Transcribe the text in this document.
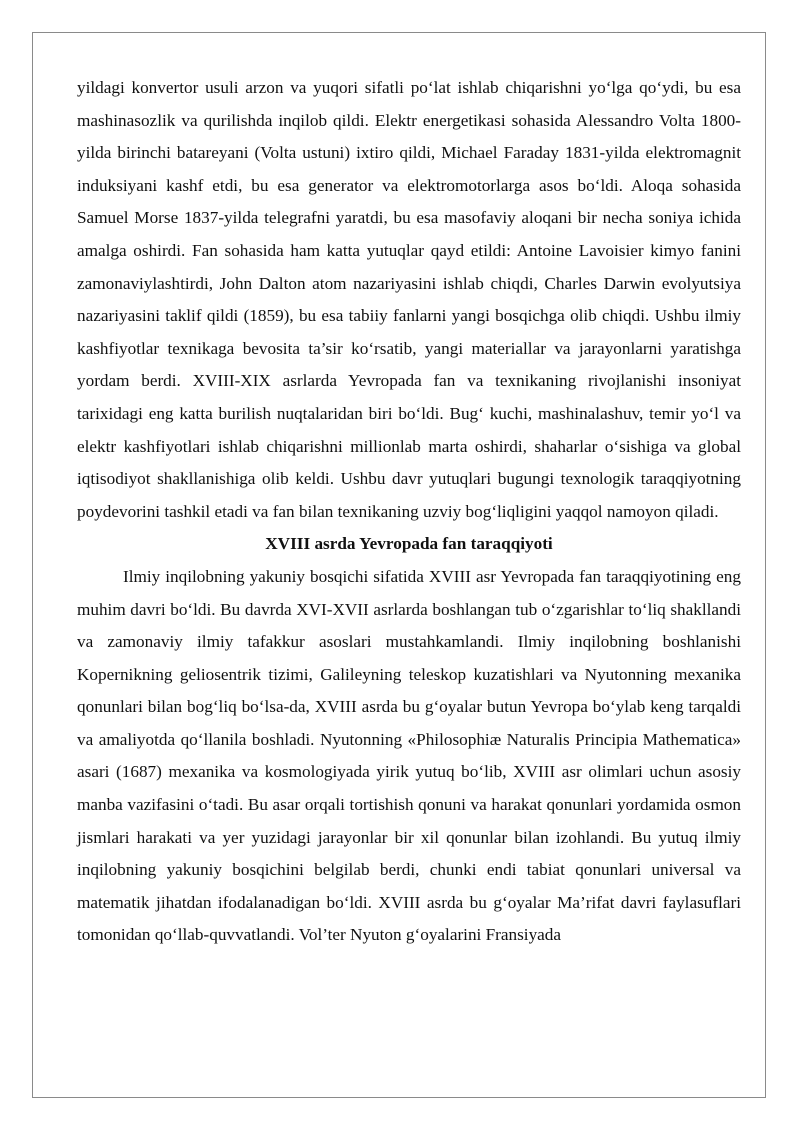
yildagi konvertor usuli arzon va yuqori sifatli po‘lat ishlab chiqarishni yo‘lga qo‘ydi, bu esa mashinasozlik va qurilishda inqilob qildi. Elektr energetikasi sohasida Alessandro Volta 1800-yilda birinchi batareyani (Volta ustuni) ixtiro qildi, Michael Faraday 1831-yilda elektromagnit induksiyani kashf etdi, bu esa generator va elektromotorlarga asos bo‘ldi. Aloqa sohasida Samuel Morse 1837-yilda telegrafni yaratdi, bu esa masofaviy aloqani bir necha soniya ichida amalga oshirdi. Fan sohasida ham katta yutuqlar qayd etildi: Antoine Lavoisier kimyo fanini zamonaviylashtirdi, John Dalton atom nazariyasini ishlab chiqdi, Charles Darwin evolyutsiya nazariyasini taklif qildi (1859), bu esa tabiiy fanlarni yangi bosqichga olib chiqdi. Ushbu ilmiy kashfiyotlar texnikaga bevosita ta’sir ko‘rsatib, yangi materiallar va jarayonlarni yaratishga yordam berdi. XVIII-XIX asrlarda Yevropada fan va texnikaning rivojlanishi insoniyat tarixidagi eng katta burilish nuqtalaridan biri bo‘ldi. Bug‘ kuchi, mashinalashuv, temir yo‘l va elektr kashfiyotlari ishlab chiqarishni millionlab marta oshirdi, shaharlar o‘sishiga va global iqtisodiyot shakllanishiga olib keldi. Ushbu davr yutuqlari bugungi texnologik taraqqiyotning poydevorini tashkil etadi va fan bilan texnikaning uzviy bog‘liqligini yaqqol namoyon qiladi.

XVIII asrda Yevropada fan taraqqiyoti

Ilmiy inqilobning yakuniy bosqichi sifatida XVIII asr Yevropada fan taraqqiyotining eng muhim davri bo‘ldi. Bu davrda XVI-XVII asrlarda boshlangan tub o‘zgarishlar to‘liq shakllandi va zamonaviy ilmiy tafakkur asoslari mustahkamlandi. Ilmiy inqilobning boshlanishi Kopernikning geliosentrik tizimi, Galileyning teleskop kuzatishlari va Nyutonning mexanika qonunlari bilan bog‘liq bo‘lsa-da, XVIII asrda bu g‘oyalar butun Yevropa bo‘ylab keng tarqaldi va amaliyotda qo‘llanila boshladi. Nyutonning «Philosophiæ Naturalis Principia Mathematica» asari (1687) mexanika va kosmologiyada yirik yutuq bo‘lib, XVIII asr olimlari uchun asosiy manba vazifasini o‘tadi. Bu asar orqali tortishish qonuni va harakat qonunlari yordamida osmon jismlari harakati va yer yuzidagi jarayonlar bir xil qonunlar bilan izohlandi. Bu yutuq ilmiy inqilobning yakuniy bosqichini belgilab berdi, chunki endi tabiat qonunlari universal va matematik jihatdan ifodalanadigan bo‘ldi. XVIII asrda bu g‘oyalar Ma’rifat davri faylasuflari tomonidan qo‘llab-quvvatlandi. Vol’ter Nyuton g‘oyalarini Fransiyada
